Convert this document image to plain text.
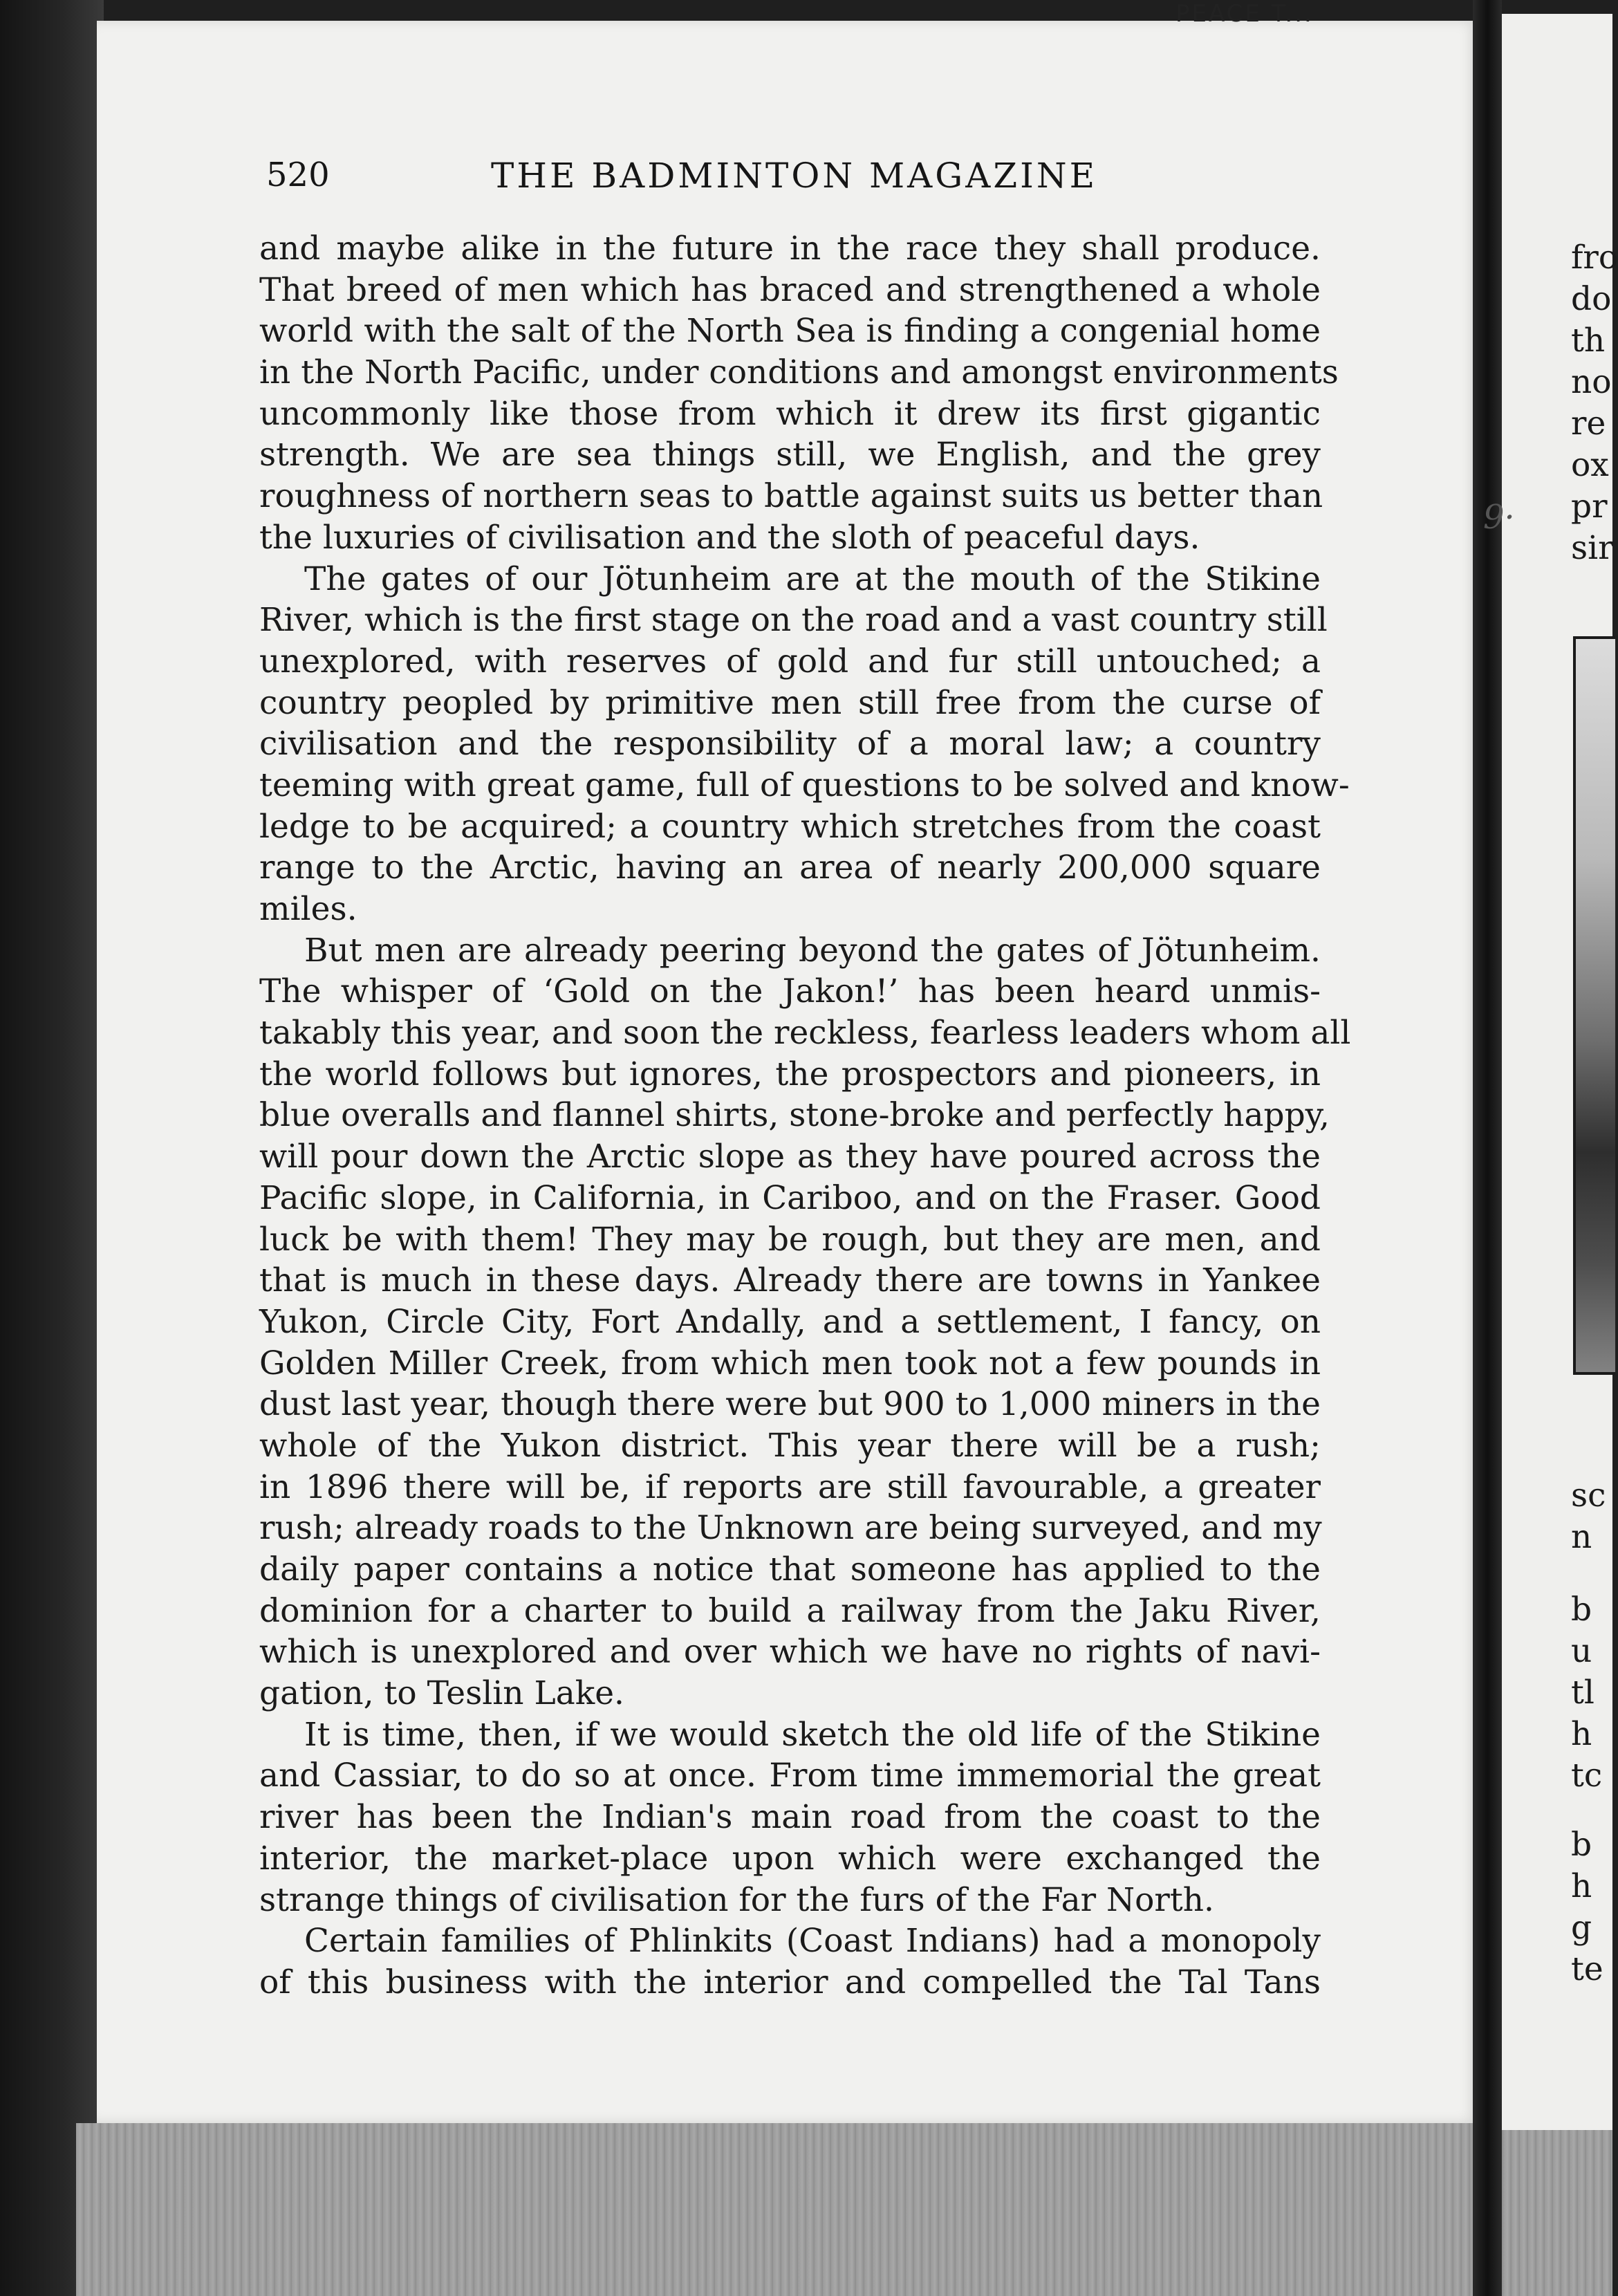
PEACE T...
9·
520	THE BADMINTON MAGAZINE
and maybe alike in the future in the race they shall produce.
That breed of men which has braced and strengthened a whole
world with the salt of the North Sea is finding a congenial home
in the North Pacific, under conditions and amongst environments
uncommonly like those from which it drew its first gigantic
strength. We are sea things still, we English, and the grey
roughness of northern seas to battle against suits us better than
the luxuries of civilisation and the sloth of peaceful days.
The gates of our Jötunheim are at the mouth of the Stikine
River, which is the first stage on the road and a vast country still
unexplored, with reserves of gold and fur still untouched; a
country peopled by primitive men still free from the curse of
civilisation and the responsibility of a moral law; a country
teeming with great game, full of questions to be solved and know-
ledge to be acquired; a country which stretches from the coast
range to the Arctic, having an area of nearly 200,000 square
miles.
But men are already peering beyond the gates of Jötunheim.
The whisper of ‘Gold on the Jakon!’ has been heard unmis-
takably this year, and soon the reckless, fearless leaders whom all
the world follows but ignores, the prospectors and pioneers, in
blue overalls and flannel shirts, stone-broke and perfectly happy,
will pour down the Arctic slope as they have poured across the
Pacific slope, in California, in Cariboo, and on the Fraser. Good
luck be with them! They may be rough, but they are men, and
that is much in these days. Already there are towns in Yankee
Yukon, Circle City, Fort Andally, and a settlement, I fancy, on
Golden Miller Creek, from which men took not a few pounds in
dust last year, though there were but 900 to 1,000 miners in the
whole of the Yukon district. This year there will be a rush;
in 1896 there will be, if reports are still favourable, a greater
rush; already roads to the Unknown are being surveyed, and my
daily paper contains a notice that someone has applied to the
dominion for a charter to build a railway from the Jaku River,
which is unexplored and over which we have no rights of navi-
gation, to Teslin Lake.
It is time, then, if we would sketch the old life of the Stikine
and Cassiar, to do so at once. From time immemorial the great
river has been the Indian's main road from the coast to the
interior, the market-place upon which were exchanged the
strange things of civilisation for the furs of the Far North.
Certain families of Phlinkits (Coast Indians) had a monopoly
of this business with the interior and compelled the Tal Tans
fro
do
th
no
re
ox
pr
sir
sc
n
b
u
tl
h
tc
b
h
g
te
